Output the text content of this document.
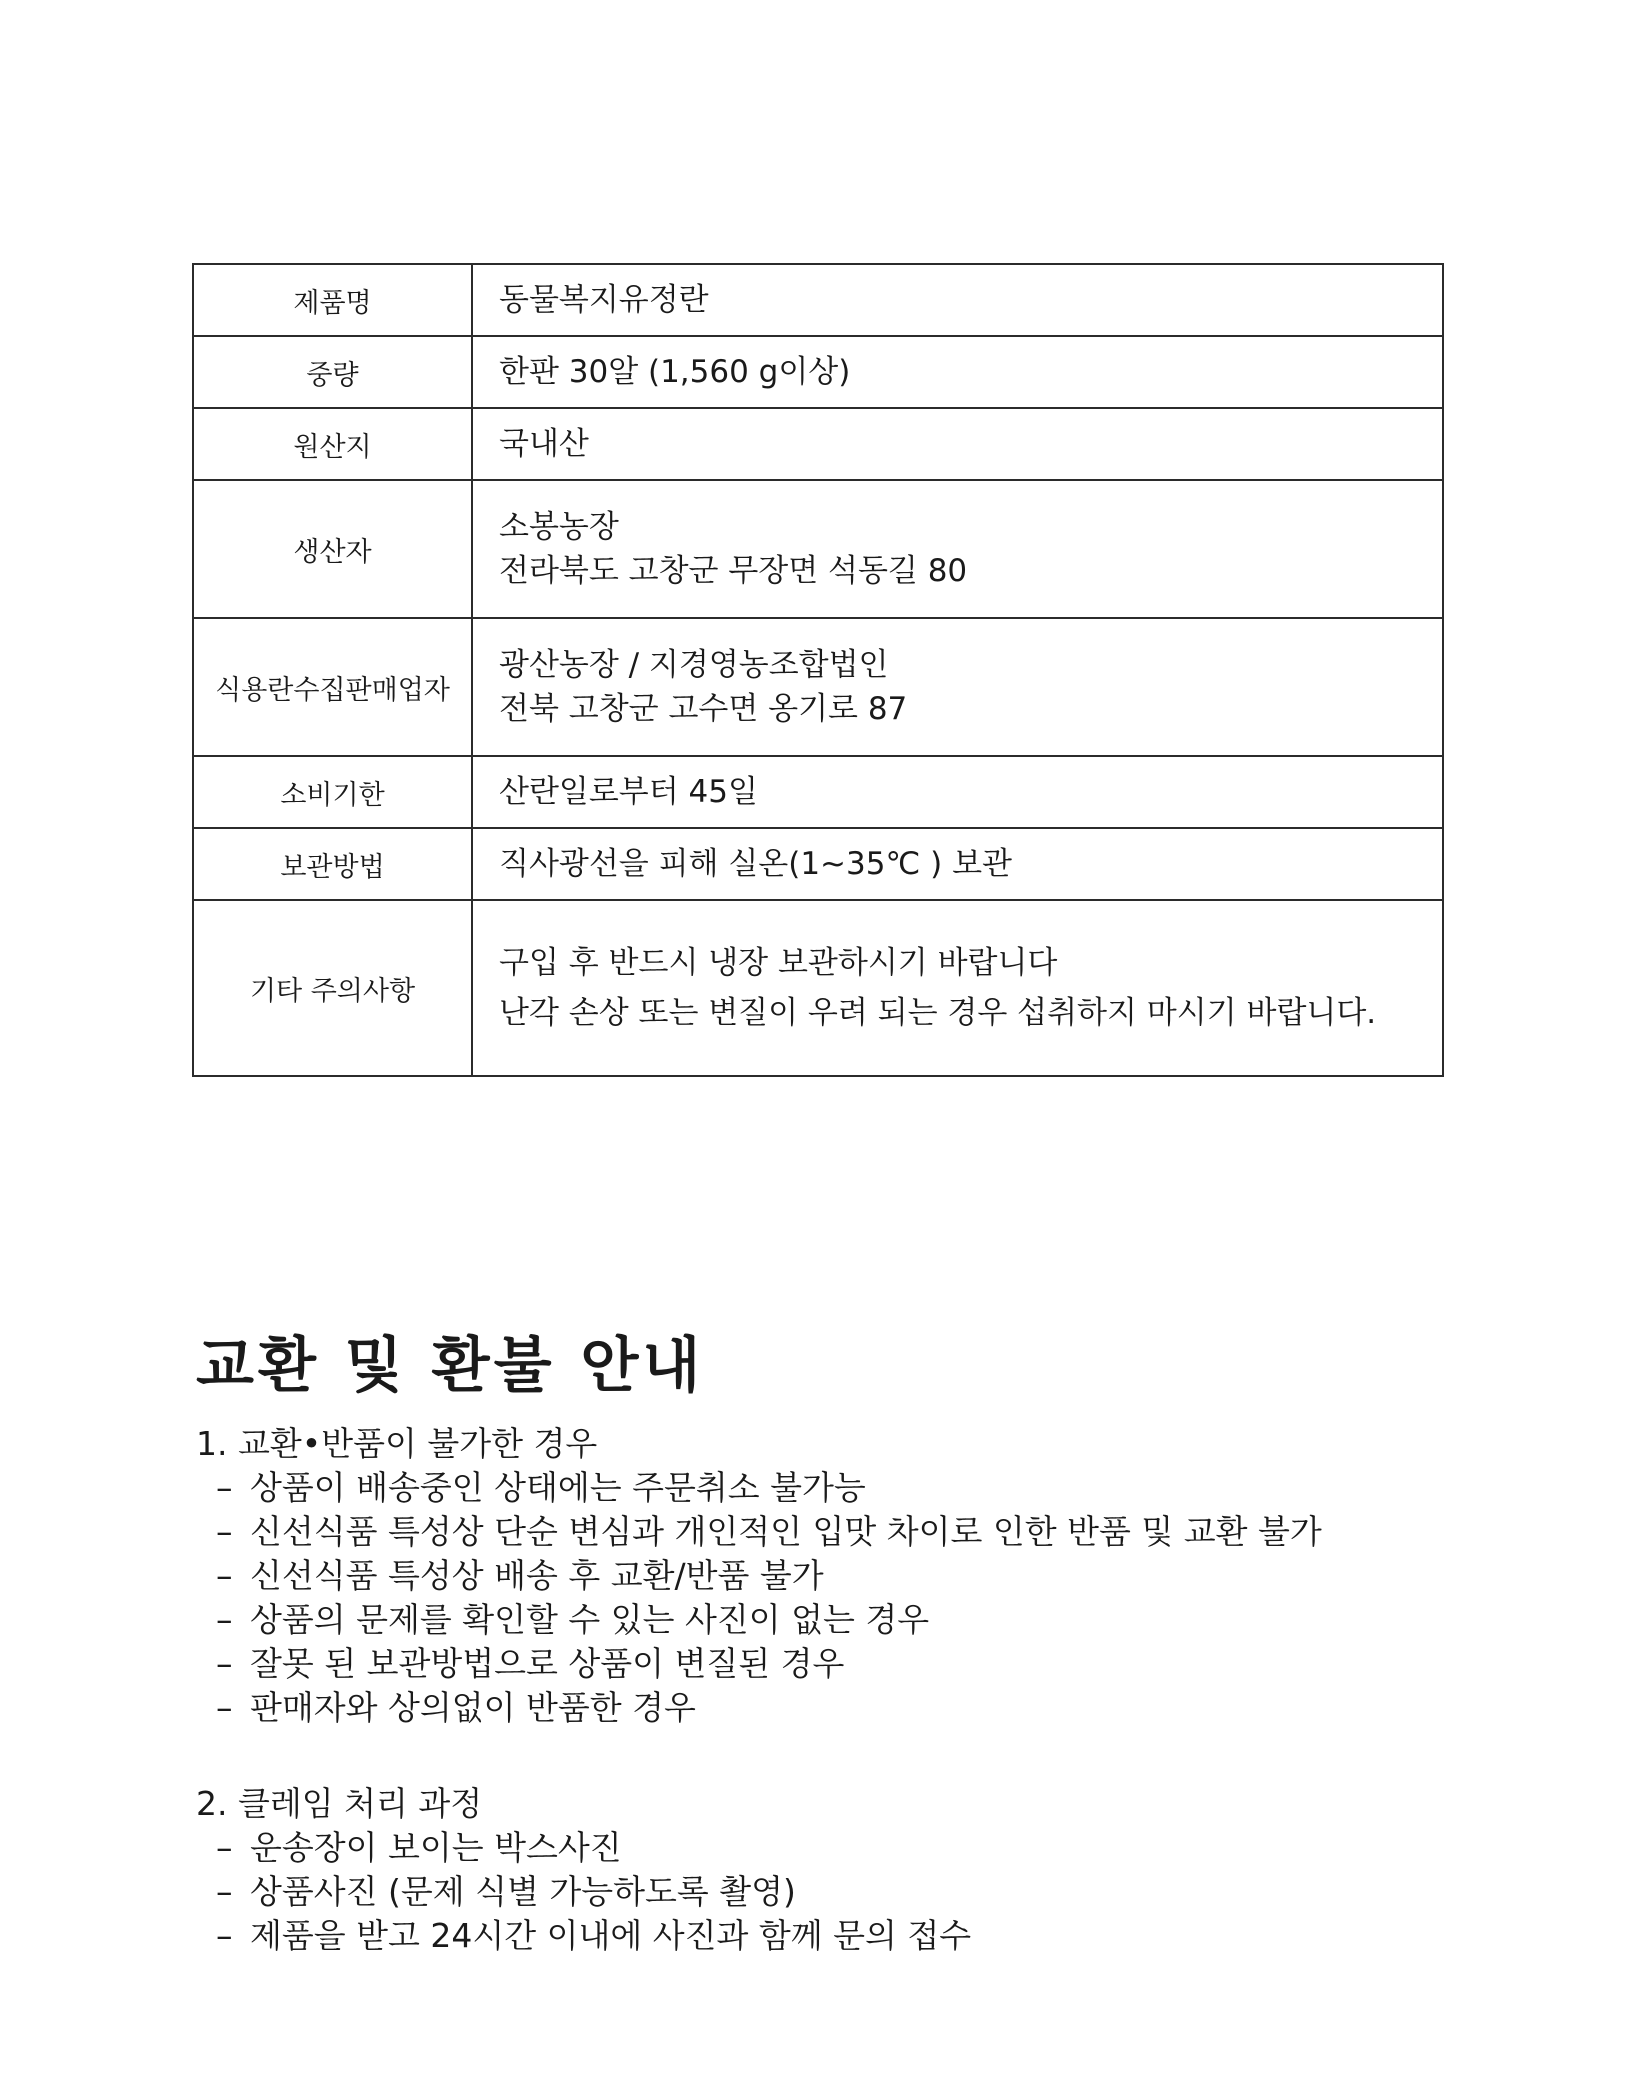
제품명	동물복지유정란

중량	한판 30알 (1,560 g이상)

원산지	국내산

생산자	소봉농장
전라북도 고창군 무장면 석동길 80

식용란수집판매업자	광산농장 / 지경영농조합법인
전북 고창군 고수면 옹기로 87

소비기한	산란일로부터 45일

보관방법	직사광선을 피해 실온(1~35℃ ) 보관

기타 주의사항	구입 후 반드시 냉장 보관하시기 바랍니다
난각 손상 또는 변질이 우려 되는 경우 섭취하지 마시기 바랍니다.
교환 및 환불 안내

1. 교환•반품이 불가한 경우

– 상품이 배송중인 상태에는 주문취소 불가능
– 신선식품 특성상 단순 변심과 개인적인 입맛 차이로 인한 반품 및 교환 불가
– 신선식품 특성상 배송 후 교환/반품 불가
– 상품의 문제를 확인할 수 있는 사진이 없는 경우
– 잘못 된 보관방법으로 상품이 변질된 경우
– 판매자와 상의없이 반품한 경우

2. 클레임 처리 과정

– 운송장이 보이는 박스사진
– 상품사진 (문제 식별 가능하도록 촬영)
– 제품을 받고 24시간 이내에 사진과 함께 문의 접수
